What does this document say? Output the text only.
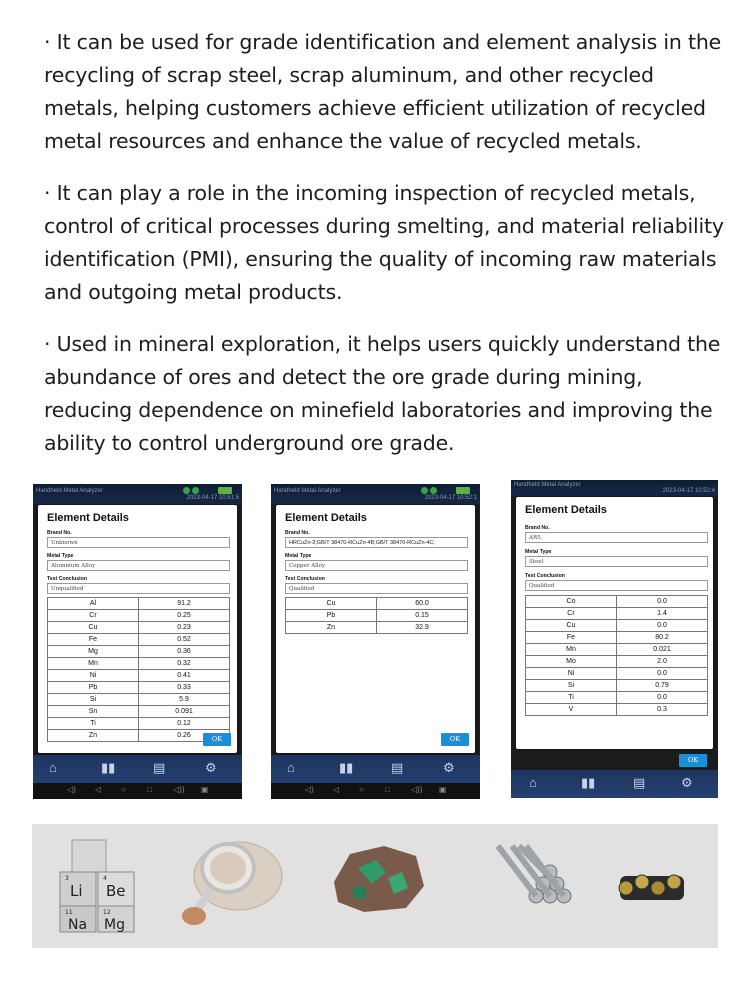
· It can be used for grade identification and element analysis in the recycling of scrap steel, scrap aluminum, and other recycled metals, helping customers achieve efficient utilization of recycled metal resources and enhance the value of recycled metals.

· It can play a role in the incoming inspection of recycled metals, control of critical processes during smelting, and material reliability identification (PMI), ensuring the quality of incoming raw materials and outgoing metal products.

· Used in mineral exploration, it helps users quickly understand the abundance of ores and detect the ore grade during mining, reducing dependence on minefield laboratories and improving the ability to control underground ore grade.

Handheld Metal Analyzer
2023-04-17 10:51:5
Element Details
Brand No.
Unknown
Metal Type
Aluminum Alloy
Test Conclusion
Unqualified
Al	91.2
Cr	0.25
Cu	0.23
Fe	0.52
Mg	0.36
Mn	0.32
Ni	0.41
Pb	0.33
Si	5.9
Sn	0.091
Ti	0.12
Zn	0.26	OK
⌂	▮▮	▤	⚙
◁) ◁ ○	□	◁)) ▣
Handheld Metal Analyzer
2023-04-17 10:52:1
Element Details
Brand No.
HRCuZn-2;GB/T 38470-RCuZn-4B;GB/T 38470-RCuZn-4C;
Metal Type
Copper Alloy
Test Conclusion
Qualified
Cu	60.0
Pb	0.15
Zn	32.9
OK
⌂	▮▮	▤	⚙
◁) ◁ ○	□	◁)) ▣
Handheld Metal Analyzer
2023-04-17 10:52:4
Element Details
Brand No.
AR5,
Metal Type
Steel
Test Conclusion
Qualified
Co	0.0
Cr	1.4
Cu	0.0
Fe	80.2
Mn	0.021
Mo	2.0
Ni	0.0
Si	0.79
Ti	0.0
V	0.3
OK
⌂	▮▮	▤	⚙
3
Li
4
Be
11
Na
12
Mg
